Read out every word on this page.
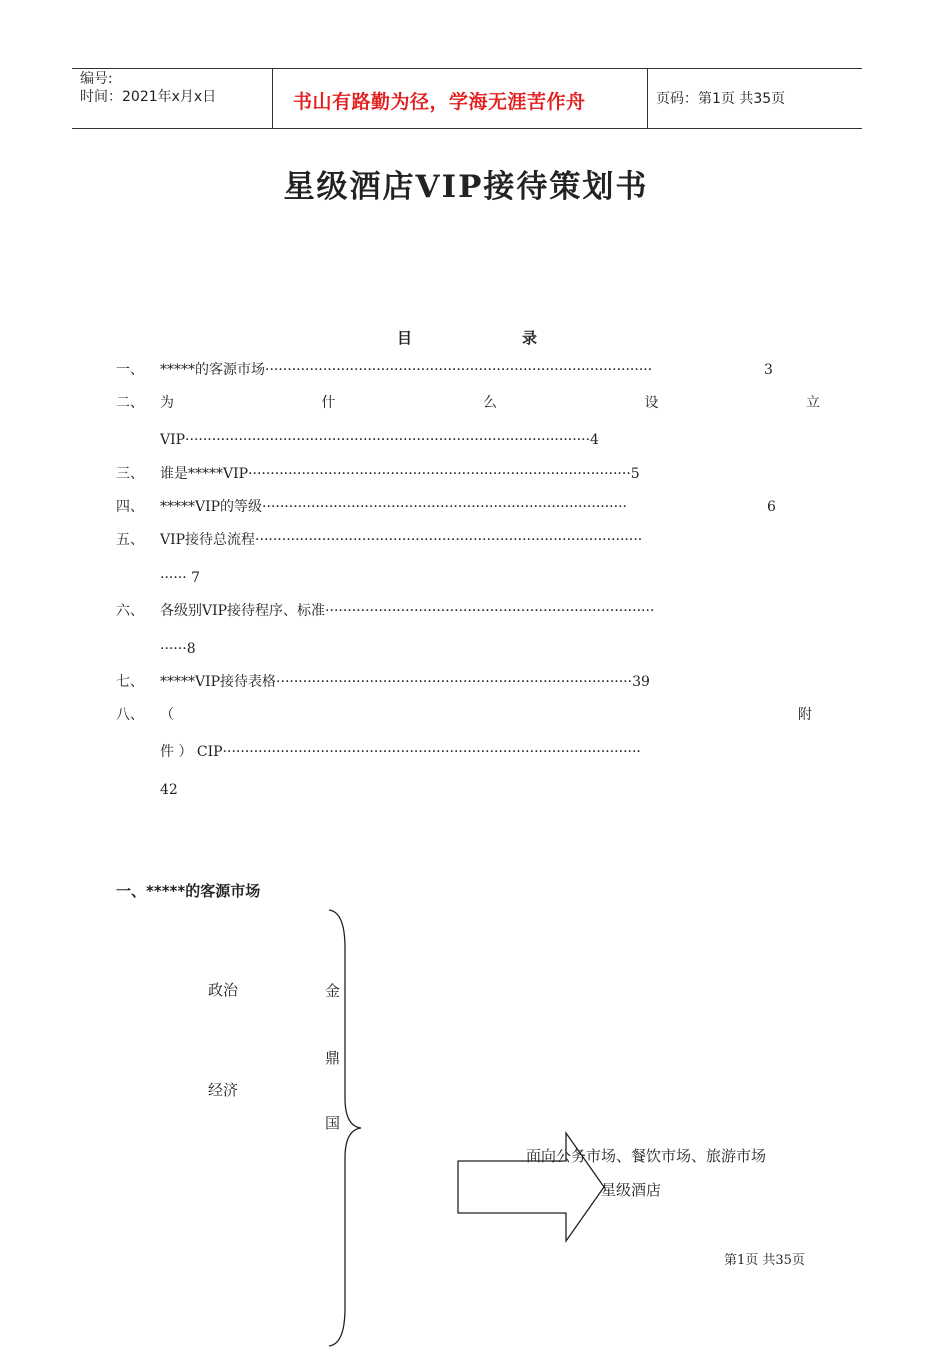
编号:
时间：2021年x月x日	书山有路勤为径，学海无涯苦作舟	页码：第1页 共35页
星级酒店VIP接待策划书
目	录
一、 *****的客源市场·······················································································	3
二、 为	什	么	设	立
VIP···························································································4
三、 谁是*****VIP······················································································5
四、 *****VIP的等级··················································································	6
五、 VIP接待总流程·······················································································
······ 7
六、 各级别VIP接待程序、标准··········································································
······8
七、 *****VIP接待表格················································································39
八、 （	附
件 ） CIP······························································································
42
一、*****的客源市场
政治
经济
金
鼎
国
面向公务市场、餐饮市场、旅游市场
星级酒店
第1页 共35页
